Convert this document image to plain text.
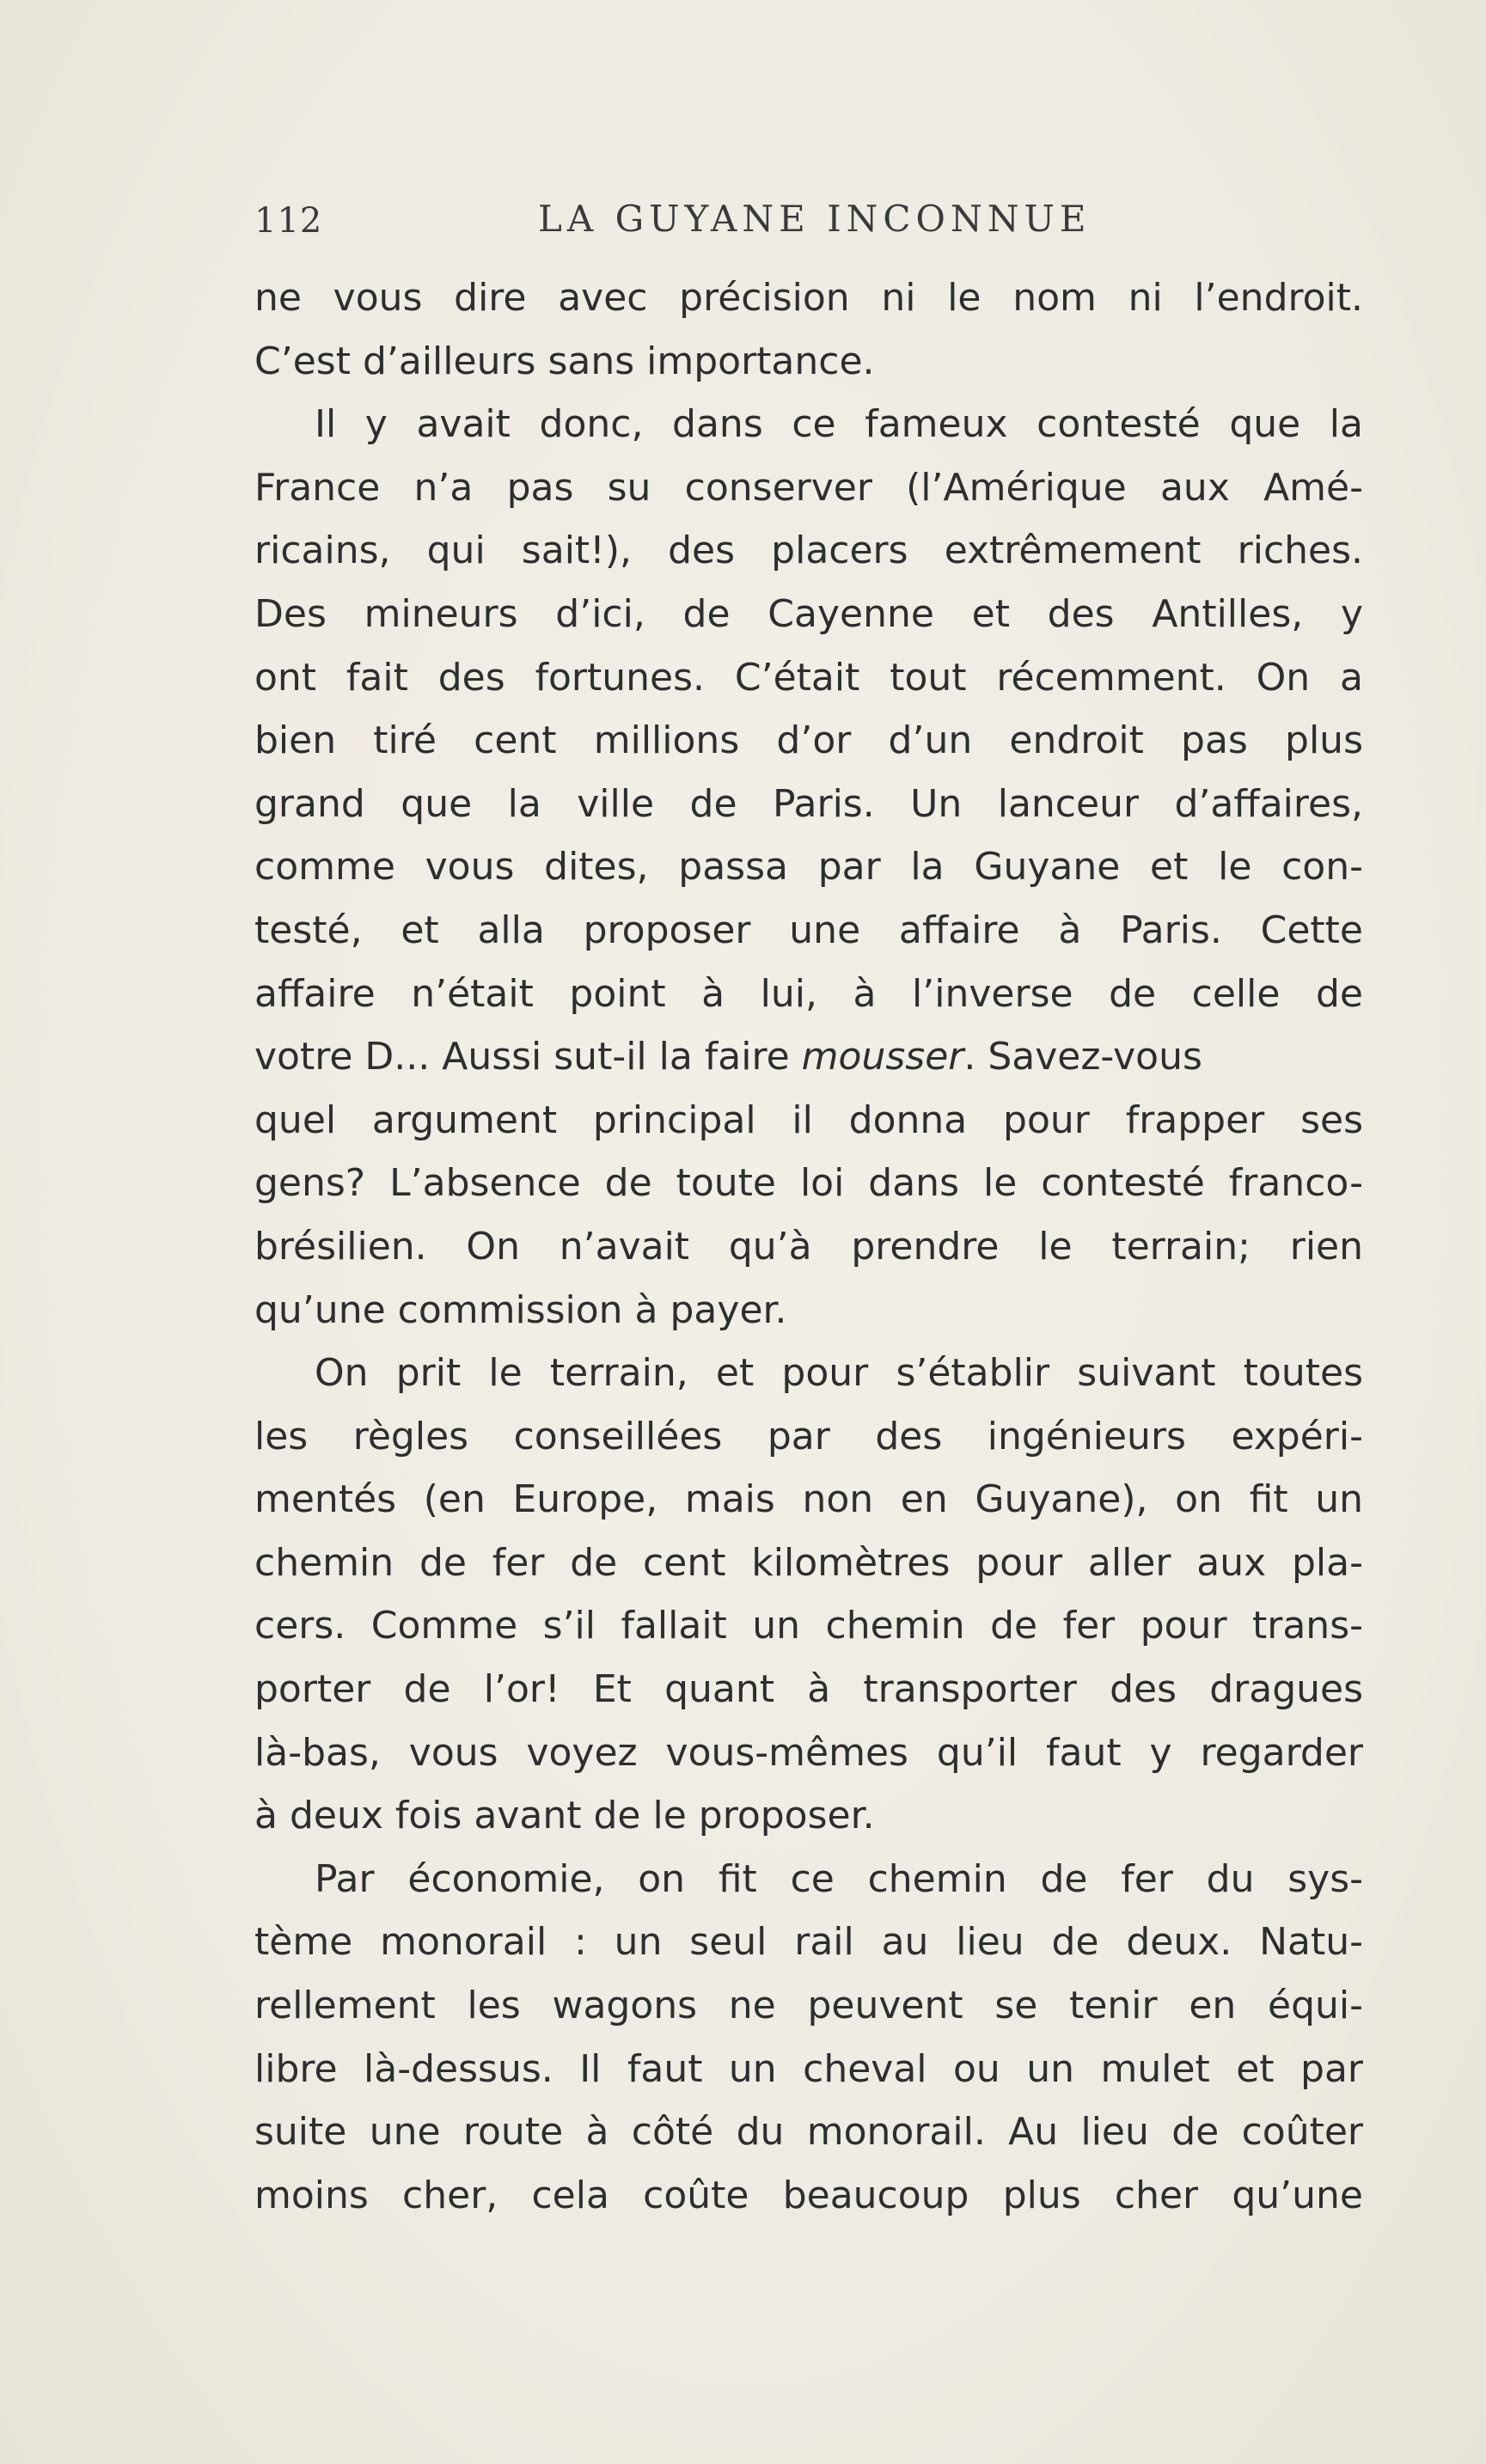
112	LA GUYANE INCONNUE
ne vous dire avec précision ni le nom ni l’endroit.
C’est d’ailleurs sans importance.
Il y avait donc, dans ce fameux contesté que la
France n’a pas su conserver (l’Amérique aux Amé-
ricains, qui sait!), des placers extrêmement riches.
Des mineurs d’ici, de Cayenne et des Antilles, y
ont fait des fortunes. C’était tout récemment. On a
bien tiré cent millions d’or d’un endroit pas plus
grand que la ville de Paris. Un lanceur d’affaires,
comme vous dites, passa par la Guyane et le con-
testé, et alla proposer une affaire à Paris. Cette
affaire n’était point à lui, à l’inverse de celle de
votre D... Aussi sut-il la faire mousser. Savez-vous
quel argument principal il donna pour frapper ses
gens? L’absence de toute loi dans le contesté franco-
brésilien. On n’avait qu’à prendre le terrain; rien
qu’une commission à payer.
On prit le terrain, et pour s’établir suivant toutes
les règles conseillées par des ingénieurs expéri-
mentés (en Europe, mais non en Guyane), on fit un
chemin de fer de cent kilomètres pour aller aux pla-
cers. Comme s’il fallait un chemin de fer pour trans-
porter de l’or! Et quant à transporter des dragues
là-bas, vous voyez vous-mêmes qu’il faut y regarder
à deux fois avant de le proposer.
Par économie, on fit ce chemin de fer du sys-
tème monorail : un seul rail au lieu de deux. Natu-
rellement les wagons ne peuvent se tenir en équi-
libre là-dessus. Il faut un cheval ou un mulet et par
suite une route à côté du monorail. Au lieu de coûter
moins cher, cela coûte beaucoup plus cher qu’une
